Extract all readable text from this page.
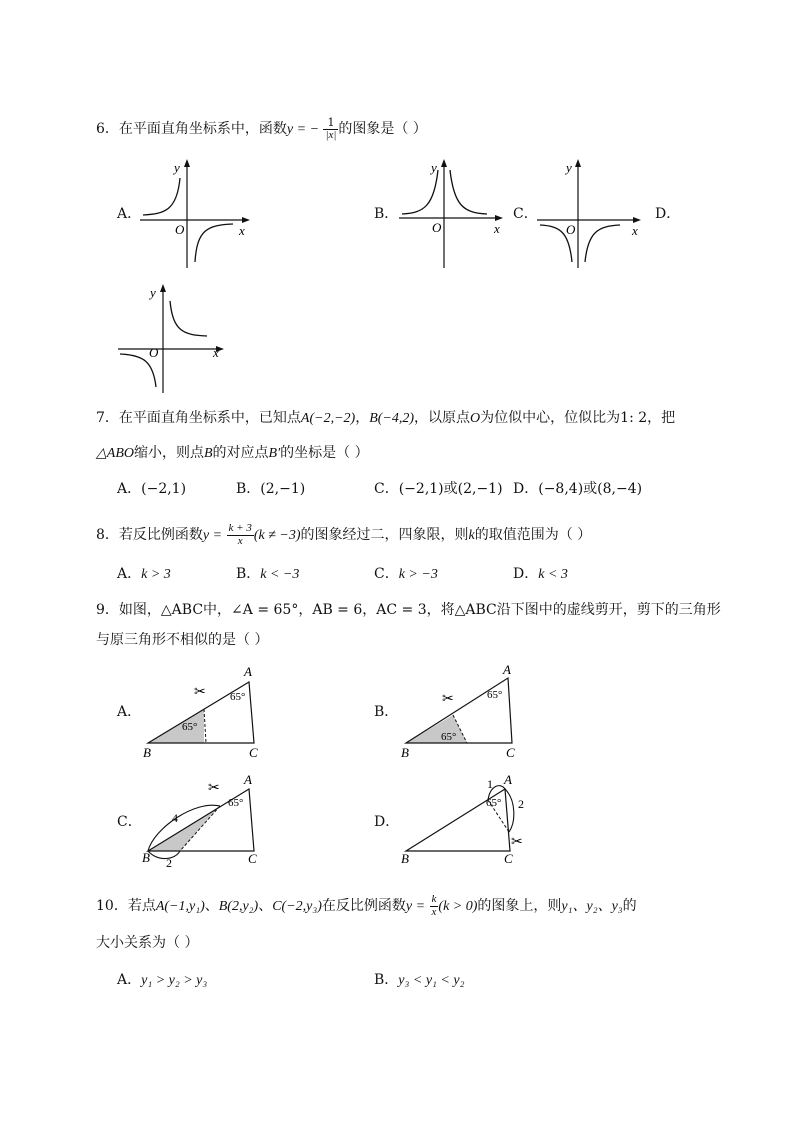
6．在平面直角坐标系中，函数y = − $\frac{1}{|x|}$ 的图象是（ ）
A．	B．	C．	D．
y
x
O
y
x
O
y
x
O
y
x
O
7．在平面直角坐标系中，已知点A(−2,−2)，B(−4,2)，以原点O为位似中心，位似比为1: 2，把
△ABO缩小，则点B的对应点B′的坐标是（ ）
A．(−2,1)	B．(2,−1)	C．(−2,1)或(2,−1) D．(−8,4)或(8,−4)
8．若反比例函数$y = \frac{k + 3}{x} (k \ne -3)$的图象经过二，四象限，则k的取值范围为（ ）
A．k > 3	B．k < −3	C．k > −3	D．k < 3
9．如图，△ABC中，∠A = 65°，AB = 6，AC = 3，将△ABC沿下图中的虚线剪开，剪下的三角形
与原三角形不相似的是（ ）
A．	B．
C．	D．
A
B	C
65°
65°
✂
A
B	C
65°
65°
✂
A
B	C
65°
4
2
✂
A
B	C
65°
1
2
✂
10．若点A(−1,y₁)、B(2,y₂)、C(−2,y₃)在反比例函数$y = \frac{k}{x} (k > 0)$的图象上，则y₁、y₂、y₃的
大小关系为（ ）
A．y₁ > y₂ > y₃	B．y₃ < y₁ < y₂
